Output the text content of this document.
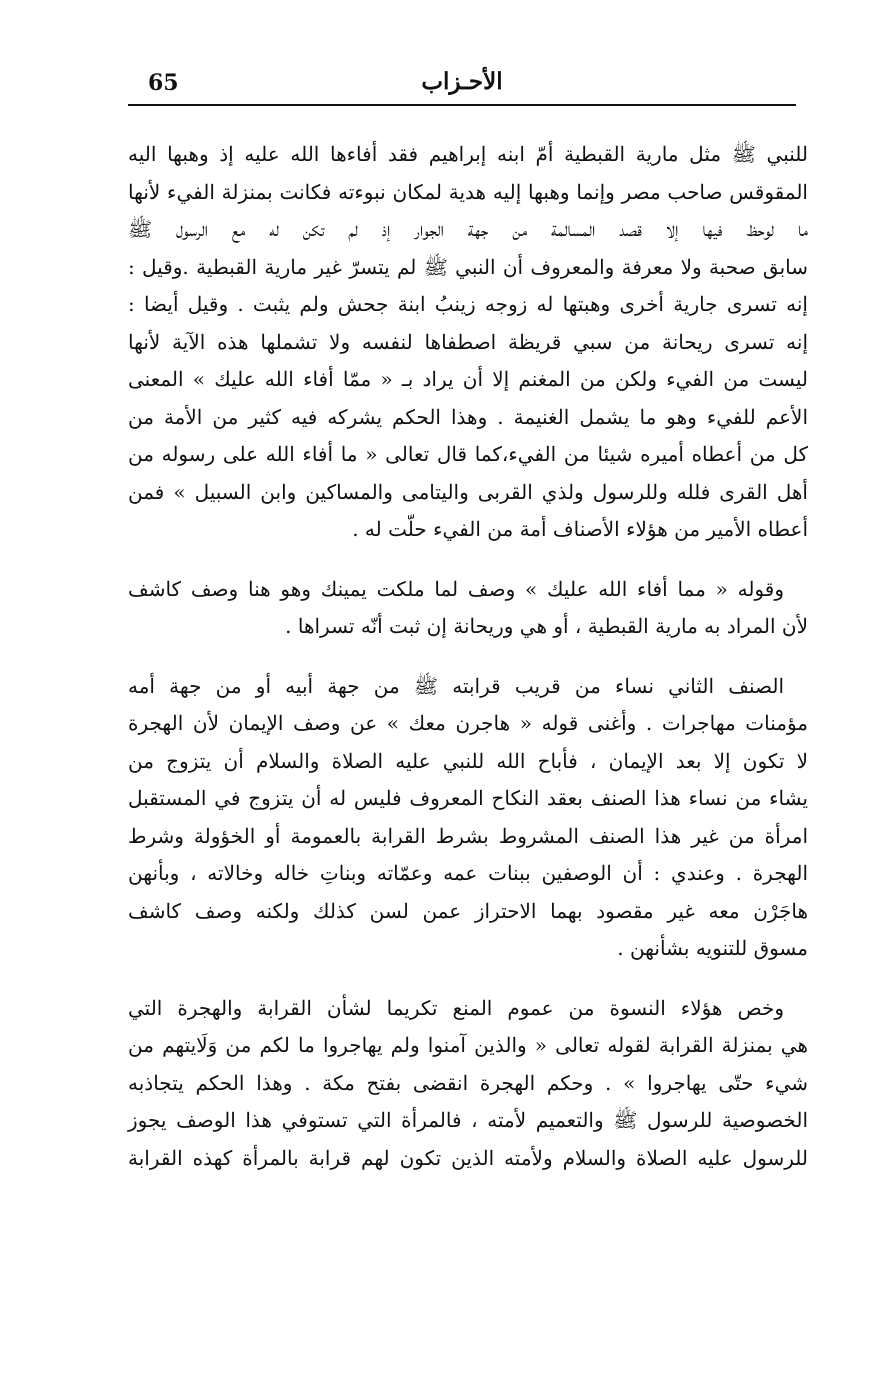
65	الأحـزاب
للنبي ﷺ مثل مارية القبطية أمّ ابنه إبراهيم فقد أفاءها الله عليه إذ وهبها اليه
المقوقس صاحب مصر وإنما وهبها إليه هدية لمكان نبوءته فكانت بمنزلة الفيء لأنها
ما لوحظ فيها إلا قصد المسالمة من جهة الجوار إذ لم تكن له مع الرسول ﷺ
سابق صحبة ولا معرفة والمعروف أن النبي ﷺ لم يتسرّ غير مارية القبطية .وقيل :
إنه تسرى جارية أخرى وهبتها له زوجه زينبُ ابنة جحش ولم يثبت . وقيل أيضا :
إنه تسرى ريحانة من سبي قريظة اصطفاها لنفسه ولا تشملها هذه الآية لأنها
ليست من الفيء ولكن من المغنم إلا أن يراد بـ « ممّا أفاء الله عليك » المعنى
الأعم للفيء وهو ما يشمل الغنيمة . وهذا الحكم يشركه فيه كثير من الأمة من
كل من أعطاه أميره شيئا من الفيء،كما قال تعالى « ما أفاء الله على رسوله من
أهل القرى فلله وللرسول ولذي القربى واليتامى والمساكين وابن السبيل » فمن
أعطاه الأمير من هؤلاء الأصناف أمة من الفيء حلّت له .
وقوله « مما أفاء الله عليك » وصف لما ملكت يمينك وهو هنا وصف كاشف
لأن المراد به مارية القبطية ، أو هي وريحانة إن ثبت أنّه تسراها .
الصنف الثاني نساء من قريب قرابته ﷺ من جهة أبيه أو من جهة أمه
مؤمنات مهاجرات . وأغنى قوله « هاجرن معك » عن وصف الإيمان لأن الهجرة
لا تكون إلا بعد الإيمان ، فأباح الله للنبي عليه الصلاة والسلام أن يتزوج من
يشاء من نساء هذا الصنف بعقد النكاح المعروف فليس له أن يتزوج في المستقبل
امرأة من غير هذا الصنف المشروط بشرط القرابة بالعمومة أو الخؤولة وشرط
الهجرة . وعندي : أن الوصفين ببنات عمه وعمّاته وبناتِ خاله وخالاته ، وبأنهن
هاجَرْن معه غير مقصود بهما الاحتراز عمن لسن كذلك ولكنه وصف كاشف
مسوق للتنويه بشأنهن .
وخص هؤلاء النسوة من عموم المنع تكريما لشأن القرابة والهجرة التي
هي بمنزلة القرابة لقوله تعالى « والذين آمنوا ولم يهاجروا ما لكم من وَلَايتهم من
شيء حتّى يهاجروا » . وحكم الهجرة انقضى بفتح مكة . وهذا الحكم يتجاذبه
الخصوصية للرسول ﷺ والتعميم لأمته ، فالمرأة التي تستوفي هذا الوصف يجوز
للرسول عليه الصلاة والسلام ولأمته الذين تكون لهم قرابة بالمرأة كهذه القرابة
